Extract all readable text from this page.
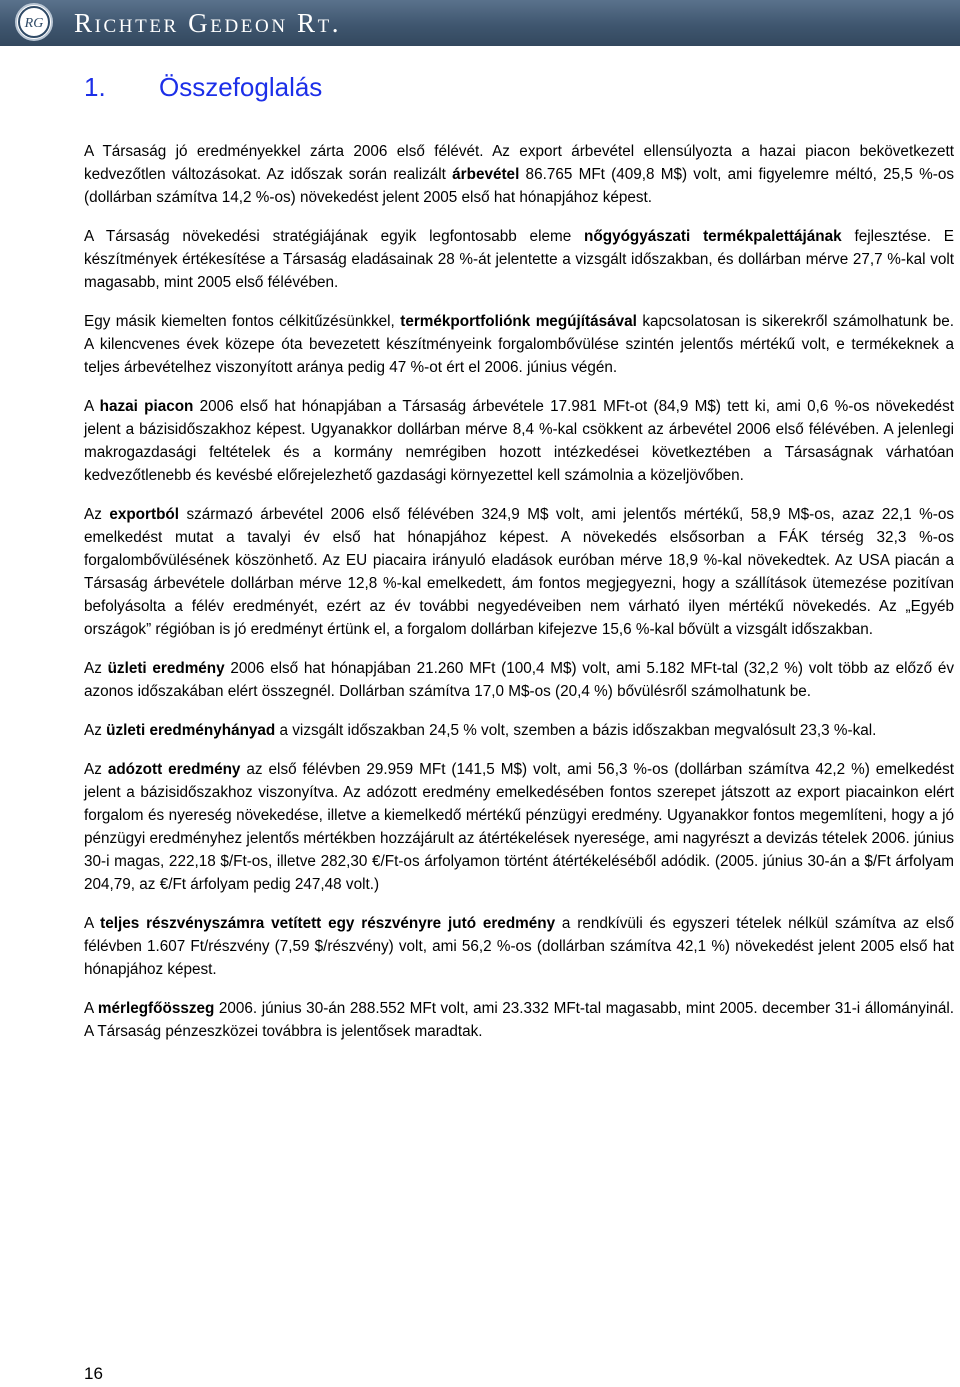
RG Richter Gedeon Rt.
1. Összefoglalás

A Társaság jó eredményekkel zárta 2006 első félévét. Az export árbevétel ellensúlyozta a hazai piacon bekövetkezett kedvezőtlen változásokat. Az időszak során realizált árbevétel 86.765 MFt (409,8 M$) volt, ami figyelemre méltó, 25,5 %-os (dollárban számítva 14,2 %-os) növekedést jelent 2005 első hat hónapjához képest.

A Társaság növekedési stratégiájának egyik legfontosabb eleme nőgyógyászati termékpalettájának fejlesztése. E készítmények értékesítése a Társaság eladásainak 28 %-át jelentette a vizsgált időszakban, és dollárban mérve 27,7 %-kal volt magasabb, mint 2005 első félévében.

Egy másik kiemelten fontos célkitűzésünkkel, termékportfoliónk megújításával kapcsolatosan is sikerekről számolhatunk be. A kilencvenes évek közepe óta bevezetett készítményeink forgalombővülése szintén jelentős mértékű volt, e termékeknek a teljes árbevételhez viszonyított aránya pedig 47 %-ot ért el 2006. június végén.

A hazai piacon 2006 első hat hónapjában a Társaság árbevétele 17.981 MFt-ot (84,9 M$) tett ki, ami 0,6 %-os növekedést jelent a bázisidőszakhoz képest. Ugyanakkor dollárban mérve 8,4 %-kal csökkent az árbevétel 2006 első félévében. A jelenlegi makrogazdasági feltételek és a kormány nemrégiben hozott intézkedései következtében a Társaságnak várhatóan kedvezőtlenebb és kevésbé előrejelezhető gazdasági környezettel kell számolnia a közeljövőben.

Az exportból származó árbevétel 2006 első félévében 324,9 M$ volt, ami jelentős mértékű, 58,9 M$-os, azaz 22,1 %-os emelkedést mutat a tavalyi év első hat hónapjához képest. A növekedés elsősorban a FÁK térség 32,3 %-os forgalombővülésének köszönhető. Az EU piacaira irányuló eladások euróban mérve 18,9 %-kal növekedtek. Az USA piacán a Társaság árbevétele dollárban mérve 12,8 %-kal emelkedett, ám fontos megjegyezni, hogy a szállítások ütemezése pozitívan befolyásolta a félév eredményét, ezért az év további negyedéveiben nem várható ilyen mértékű növekedés. Az „Egyéb országok” régióban is jó eredményt értünk el, a forgalom dollárban kifejezve 15,6 %-kal bővült a vizsgált időszakban.

Az üzleti eredmény 2006 első hat hónapjában 21.260 MFt (100,4 M$) volt, ami 5.182 MFt-tal (32,2 %) volt több az előző év azonos időszakában elért összegnél. Dollárban számítva 17,0 M$-os (20,4 %) bővülésről számolhatunk be.

Az üzleti eredményhányad a vizsgált időszakban 24,5 % volt, szemben a bázis időszakban megvalósult 23,3 %-kal.

Az adózott eredmény az első félévben 29.959 MFt (141,5 M$) volt, ami 56,3 %-os (dollárban számítva 42,2 %) emelkedést jelent a bázisidőszakhoz viszonyítva. Az adózott eredmény emelkedésében fontos szerepet játszott az export piacainkon elért forgalom és nyereség növekedése, illetve a kiemelkedő mértékű pénzügyi eredmény. Ugyanakkor fontos megemlíteni, hogy a jó pénzügyi eredményhez jelentős mértékben hozzájárult az átértékelések nyeresége, ami nagyrészt a devizás tételek 2006. június 30-i magas, 222,18 $/Ft-os, illetve 282,30 €/Ft-os árfolyamon történt átértékeléséből adódik. (2005. június 30-án a $/Ft árfolyam 204,79, az €/Ft árfolyam pedig 247,48 volt.)

A teljes részvényszámra vetített egy részvényre jutó eredmény a rendkívüli és egyszeri tételek nélkül számítva az első félévben 1.607 Ft/részvény (7,59 $/részvény) volt, ami 56,2 %-os (dollárban számítva 42,1 %) növekedést jelent 2005 első hat hónapjához képest.

A mérlegfőösszeg 2006. június 30-án 288.552 MFt volt, ami 23.332 MFt-tal magasabb, mint 2005. december 31-i állományinál. A Társaság pénzeszközei továbbra is jelentősek maradtak.

16
